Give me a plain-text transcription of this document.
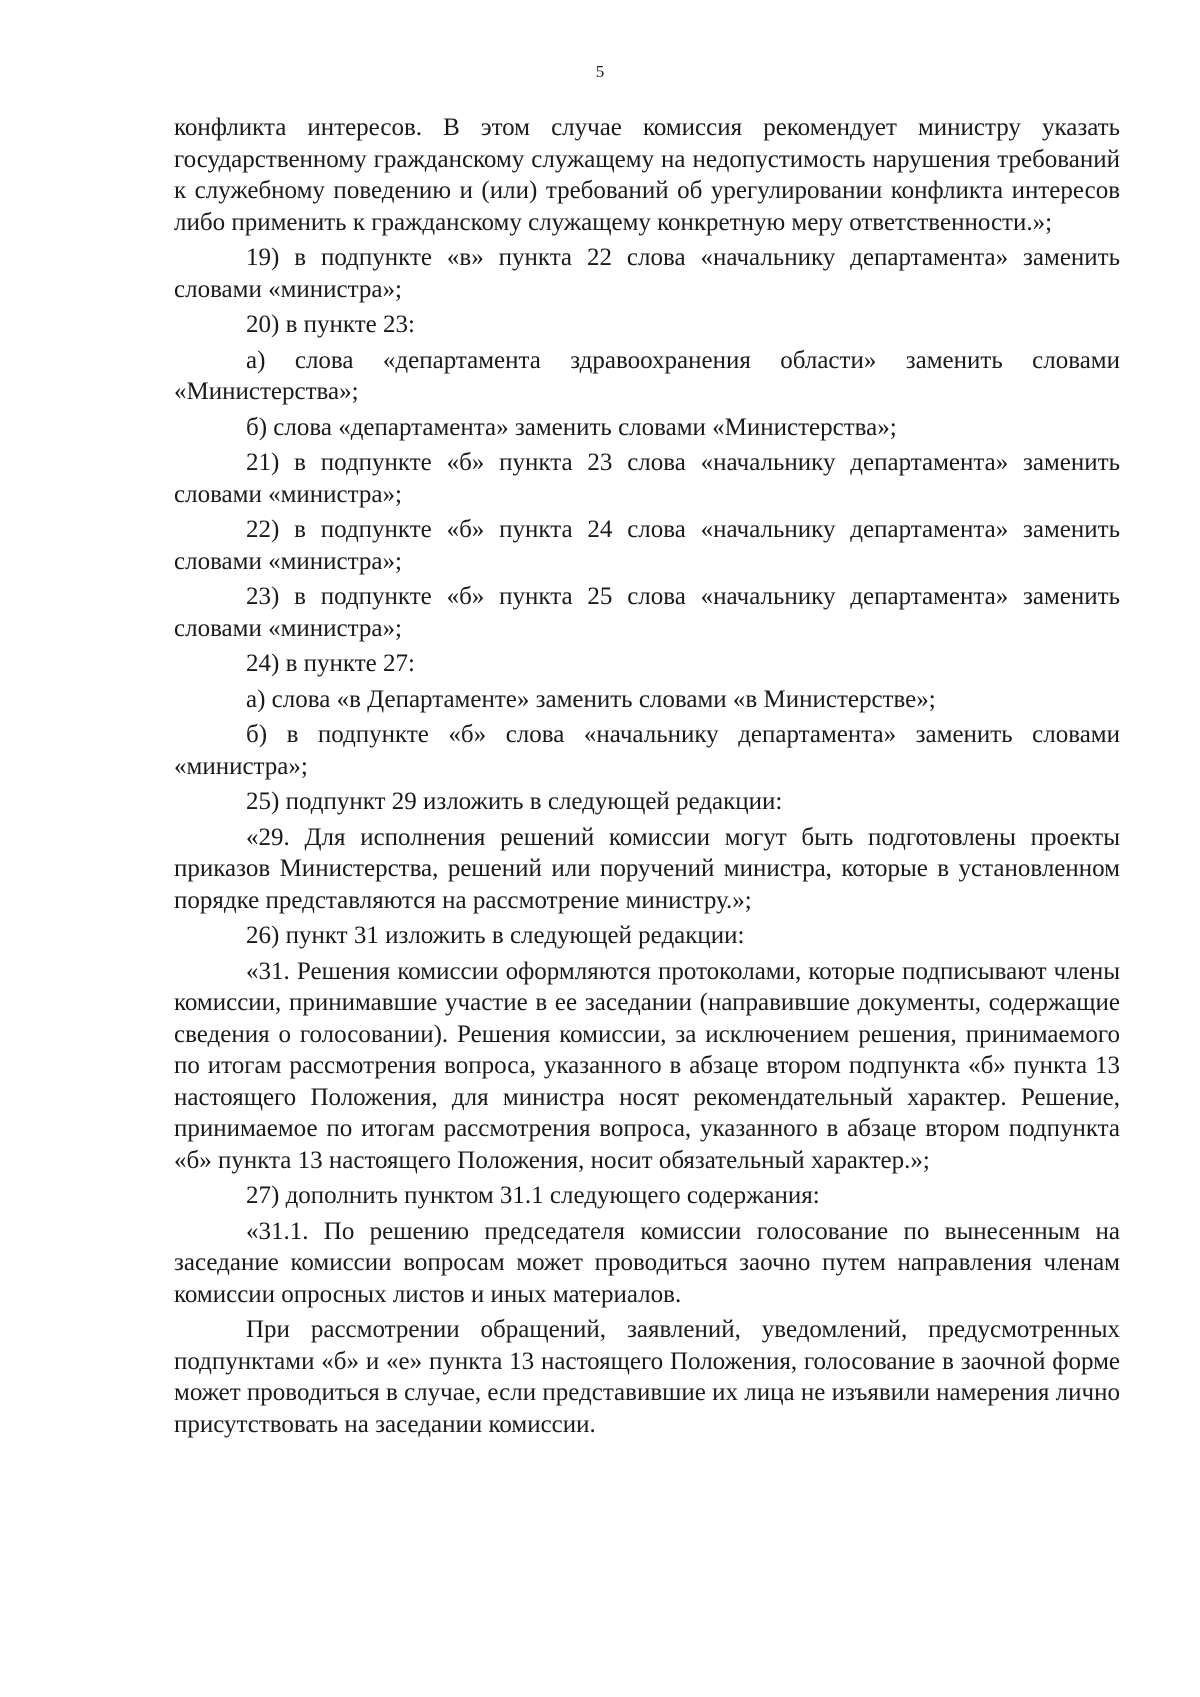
5

конфликта интересов. В этом случае комиссия рекомендует министру указать государственному гражданскому служащему на недопустимость нарушения требований к служебному поведению и (или) требований об урегулировании конфликта интересов либо применить к гражданскому служащему конкретную меру ответственности.»;

19) в подпункте «в» пункта 22 слова «начальнику департамента» заменить словами «министра»;

20) в пункте 23:

а) слова «департамента здравоохранения области» заменить словами «Министерства»;

б) слова «департамента» заменить словами «Министерства»;

21) в подпункте «б» пункта 23 слова «начальнику департамента» заменить словами «министра»;

22) в подпункте «б» пункта 24 слова «начальнику департамента» заменить словами «министра»;

23) в подпункте «б» пункта 25 слова «начальнику департамента» заменить словами «министра»;

24) в пункте 27:

а) слова «в Департаменте» заменить словами «в Министерстве»;

б) в подпункте «б» слова «начальнику департамента» заменить словами «министра»;

25) подпункт 29 изложить в следующей редакции:

«29. Для исполнения решений комиссии могут быть подготовлены проекты приказов Министерства, решений или поручений министра, которые в установленном порядке представляются на рассмотрение министру.»;

26) пункт 31 изложить в следующей редакции:

«31. Решения комиссии оформляются протоколами, которые подписывают члены комиссии, принимавшие участие в ее заседании (направившие документы, содержащие сведения о голосовании). Решения комиссии, за исключением решения, принимаемого по итогам рассмотрения вопроса, указанного в абзаце втором подпункта «б» пункта 13 настоящего Положения, для министра носят рекомендательный характер. Решение, принимаемое по итогам рассмотрения вопроса, указанного в абзаце втором подпункта «б» пункта 13 настоящего Положения, носит обязательный характер.»;

27) дополнить пунктом 31.1 следующего содержания:

«31.1. По решению председателя комиссии голосование по вынесенным на заседание комиссии вопросам может проводиться заочно путем направления членам комиссии опросных листов и иных материалов.

При рассмотрении обращений, заявлений, уведомлений, предусмотренных подпунктами «б» и «е» пункта 13 настоящего Положения, голосование в заочной форме может проводиться в случае, если представившие их лица не изъявили намерения лично присутствовать на заседании комиссии.
